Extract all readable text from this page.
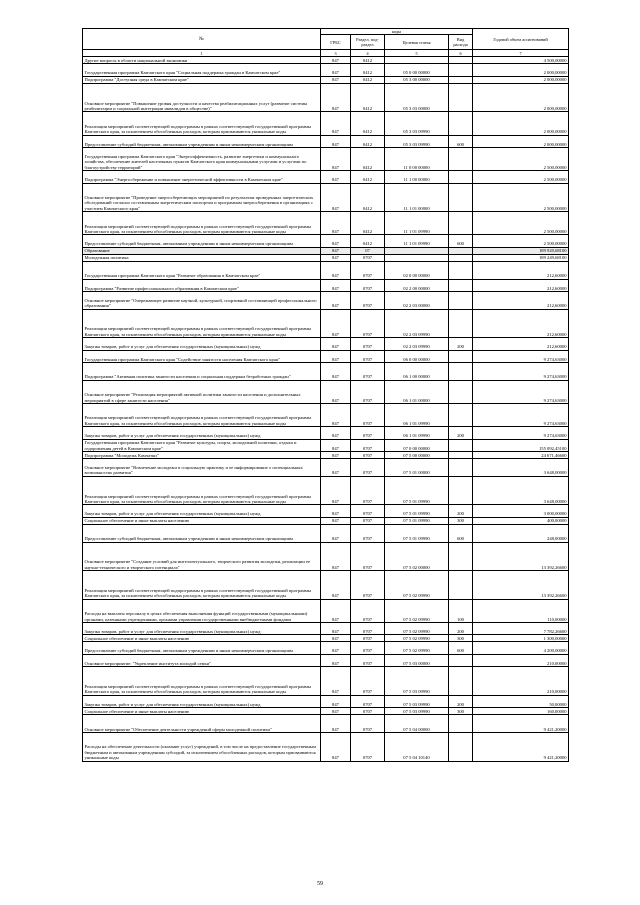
№	коды				Годовой объем ассигнований
	ГРБС	Раздел, под-раздел	Целевая статья	Вид расхода	
1	3	4	5	6	7
Другие вопросы в области национальной экономики	847	0412			4 500,00000
Государственная программа Камчатского края "Социальная поддержка граждан в Камчатском крае"	847	0412	05 0 00 00000		2 000,00000
Подпрограмма "Доступная среда в Камчатском крае"	847	0412	05 3 00 00000		2 000,00000
Основное мероприятие "Повышение уровня доступности и качества реабилитационных услуг (развитие системы реабилитации и социальной интеграции инвалидов в обществе)"	847	0412	05 3 03 00000		2 000,00000
Реализация мероприятий соответствующей подпрограммы в рамках соответствующей государственной программы Камчатского края, за исключением обособленных расходов, которым присваиваются уникальные коды	847	0412	05 3 03 09990		2 000,00000
Предоставление субсидий бюджетным, автономным учреждениям и иным некоммерческим организациям	847	0412	05 3 03 09990	600	2 000,00000
Государственная программа Камчатского края "Энергоэффективность, развитие энергетики и коммунального хозяйства, обеспечение жителей населенных пунктов Камчатского края коммунальными услугами и услугами по благоустройству территорий"	847	0412	11 0 00 00000		2 500,00000
Подпрограмма "Энергосбережение и повышение энергетической эффективности в Камчатском крае"	847	0412	11 1 00 00000		2 500,00000
Основное мероприятие "Проведение энергосберегающих мероприятий по результатам проведенных энергетических обследований согласно составленным энергетическим паспортам и программам энергосбережения в организациях с участием Камчатского края"	847	0412	11 1 01 00000		2 500,00000
Реализация мероприятий соответствующей подпрограммы в рамках соответствующей государственной программы Камчатского края, за исключением обособленных расходов, которым присваиваются уникальные коды	847	0412	11 1 01 09990		2 500,00000
Предоставление субсидий бюджетным, автономным учреждениям и иным некоммерческим организациям	847	0412	11 1 01 09990	600	2 500,00000
Образование	847	07			189 920,68100
Молодежная политика	847	0707			189 249,68100
Государственная программа Камчатского края "Развитие образования в Камчатском крае"	847	0707	02 0 00 00000		212,60000
Подпрограмма "Развитие профессионального образования в Камчатском крае"	847	0707	02 2 00 00000		212,60000
Основное мероприятие "Опережающее развитие научной, культурной, спортивной составляющей профессионального образования"	847	0707	02 2 03 00000		212,60000
Реализация мероприятий соответствующей подпрограммы в рамках соответствующей государственной программы Камчатского края, за исключением обособленных расходов, которым присваиваются уникальные коды	847	0707	02 2 03 09990		212,60000
Закупка товаров, работ и услуг для обеспечения государственных (муниципальных) нужд	847	0707	02 2 03 09990	200	212,60000
Государственная программа Камчатского края "Содействие занятости населения Камчатского края"	847	0707	06 0 00 00000		9 274,63000
Подпрограмма "Активная политика занятости населения и социальная поддержка безработных граждан"	847	0707	06 1 00 00000		9 274,63000
Основное мероприятие "Реализация мероприятий активной политики занятости населения и дополнительных мероприятий в сфере занятости населения"	847	0707	06 1 01 00000		9 274,63000
Реализация мероприятий соответствующей подпрограммы в рамках соответствующей государственной программы Камчатского края, за исключением обособленных расходов, которым присваиваются уникальные коды	847	0707	06 1 01 09990		9 274,63000
Закупка товаров, работ и услуг для обеспечения государственных (муниципальных) нужд	847	0707	06 1 01 09990	200	9 274,63000
Государственная программа Камчатского края "Развитие культуры, спорта, молодежной политики, отдыха и оздоровления детей в Камчатском крае"	847	0707	07 0 00 00000		155 092,45100
Подпрограмма "Молодежь Камчатки"	847	0707	07 5 00 00000		24 671,46600
Основное мероприятие "Вовлечение молодежи в социальную практику и ее информирование о потенциальных возможностях развития"	847	0707	07 5 01 00000		3 648,00000
Реализация мероприятий соответствующей подпрограммы в рамках соответствующей государственной программы Камчатского края, за исключением обособленных расходов, которым присваиваются уникальные коды	847	0707	07 5 01 09990		3 648,00000
Закупка товаров, работ и услуг для обеспечения государственных (муниципальных) нужд	847	0707	07 5 01 09990	200	3 000,00000
Социальное обеспечение и иные выплаты населению	847	0707	07 5 01 09990	300	400,00000
Предоставление субсидий бюджетным, автономным учреждениям и иным некоммерческим организациям	847	0707	07 5 01 09990	600	248,00000
Основное мероприятие "Создание условий для интеллектуального, творческого развития молодежи, реализации ее научно-технического и творческого потенциала"	847	0707	07 5 02 00000		13 392,26600
Реализация мероприятий соответствующей подпрограммы в рамках соответствующей государственной программы Камчатского края, за исключением обособленных расходов, которым присваиваются уникальные коды	847	0707	07 5 02 09990		13 392,26600
Расходы на выплаты персоналу в целях обеспечения выполнения функций государственными (муниципальными) органами, казенными учреждениями, органами управления государственными внебюджетными фондами	847	0707	07 5 02 09990	100	110,00000
Закупка товаров, работ и услуг для обеспечения государственных (муниципальных) нужд	847	0707	07 5 02 09990	200	7 782,26600
Социальное обеспечение и иные выплаты населению	847	0707	07 5 02 09990	300	1 300,00000
Предоставление субсидий бюджетным, автономным учреждениям и иным некоммерческим организациям	847	0707	07 5 02 09990	600	4 200,00000
Основное мероприятие: "Укрепление института молодой семьи"	847	0707	07 5 03 00000		210,00000
Реализация мероприятий соответствующей подпрограммы в рамках соответствующей государственной программы Камчатского края, за исключением обособленных расходов, которым присваиваются уникальные коды	847	0707	07 5 03 09990		210,00000
Закупка товаров, работ и услуг для обеспечения государственных (муниципальных) нужд	847	0707	07 5 03 09990	200	50,00000
Социальное обеспечение и иные выплаты населению	847	0707	07 5 03 09990	300	160,00000
Основное мероприятие "Обеспечение деятельности учреждений сферы молодежной политики"	847	0707	07 5 04 00000		9 421,20000
Расходы на обеспечение деятельности (оказание услуг) учреждений, в том числе на предоставление государственным бюджетным и автономным учреждениям субсидий, за исключением обособленных расходов, которым присваиваются уникальные коды	847	0707	07 5 04 10140		9 421,20000
59
